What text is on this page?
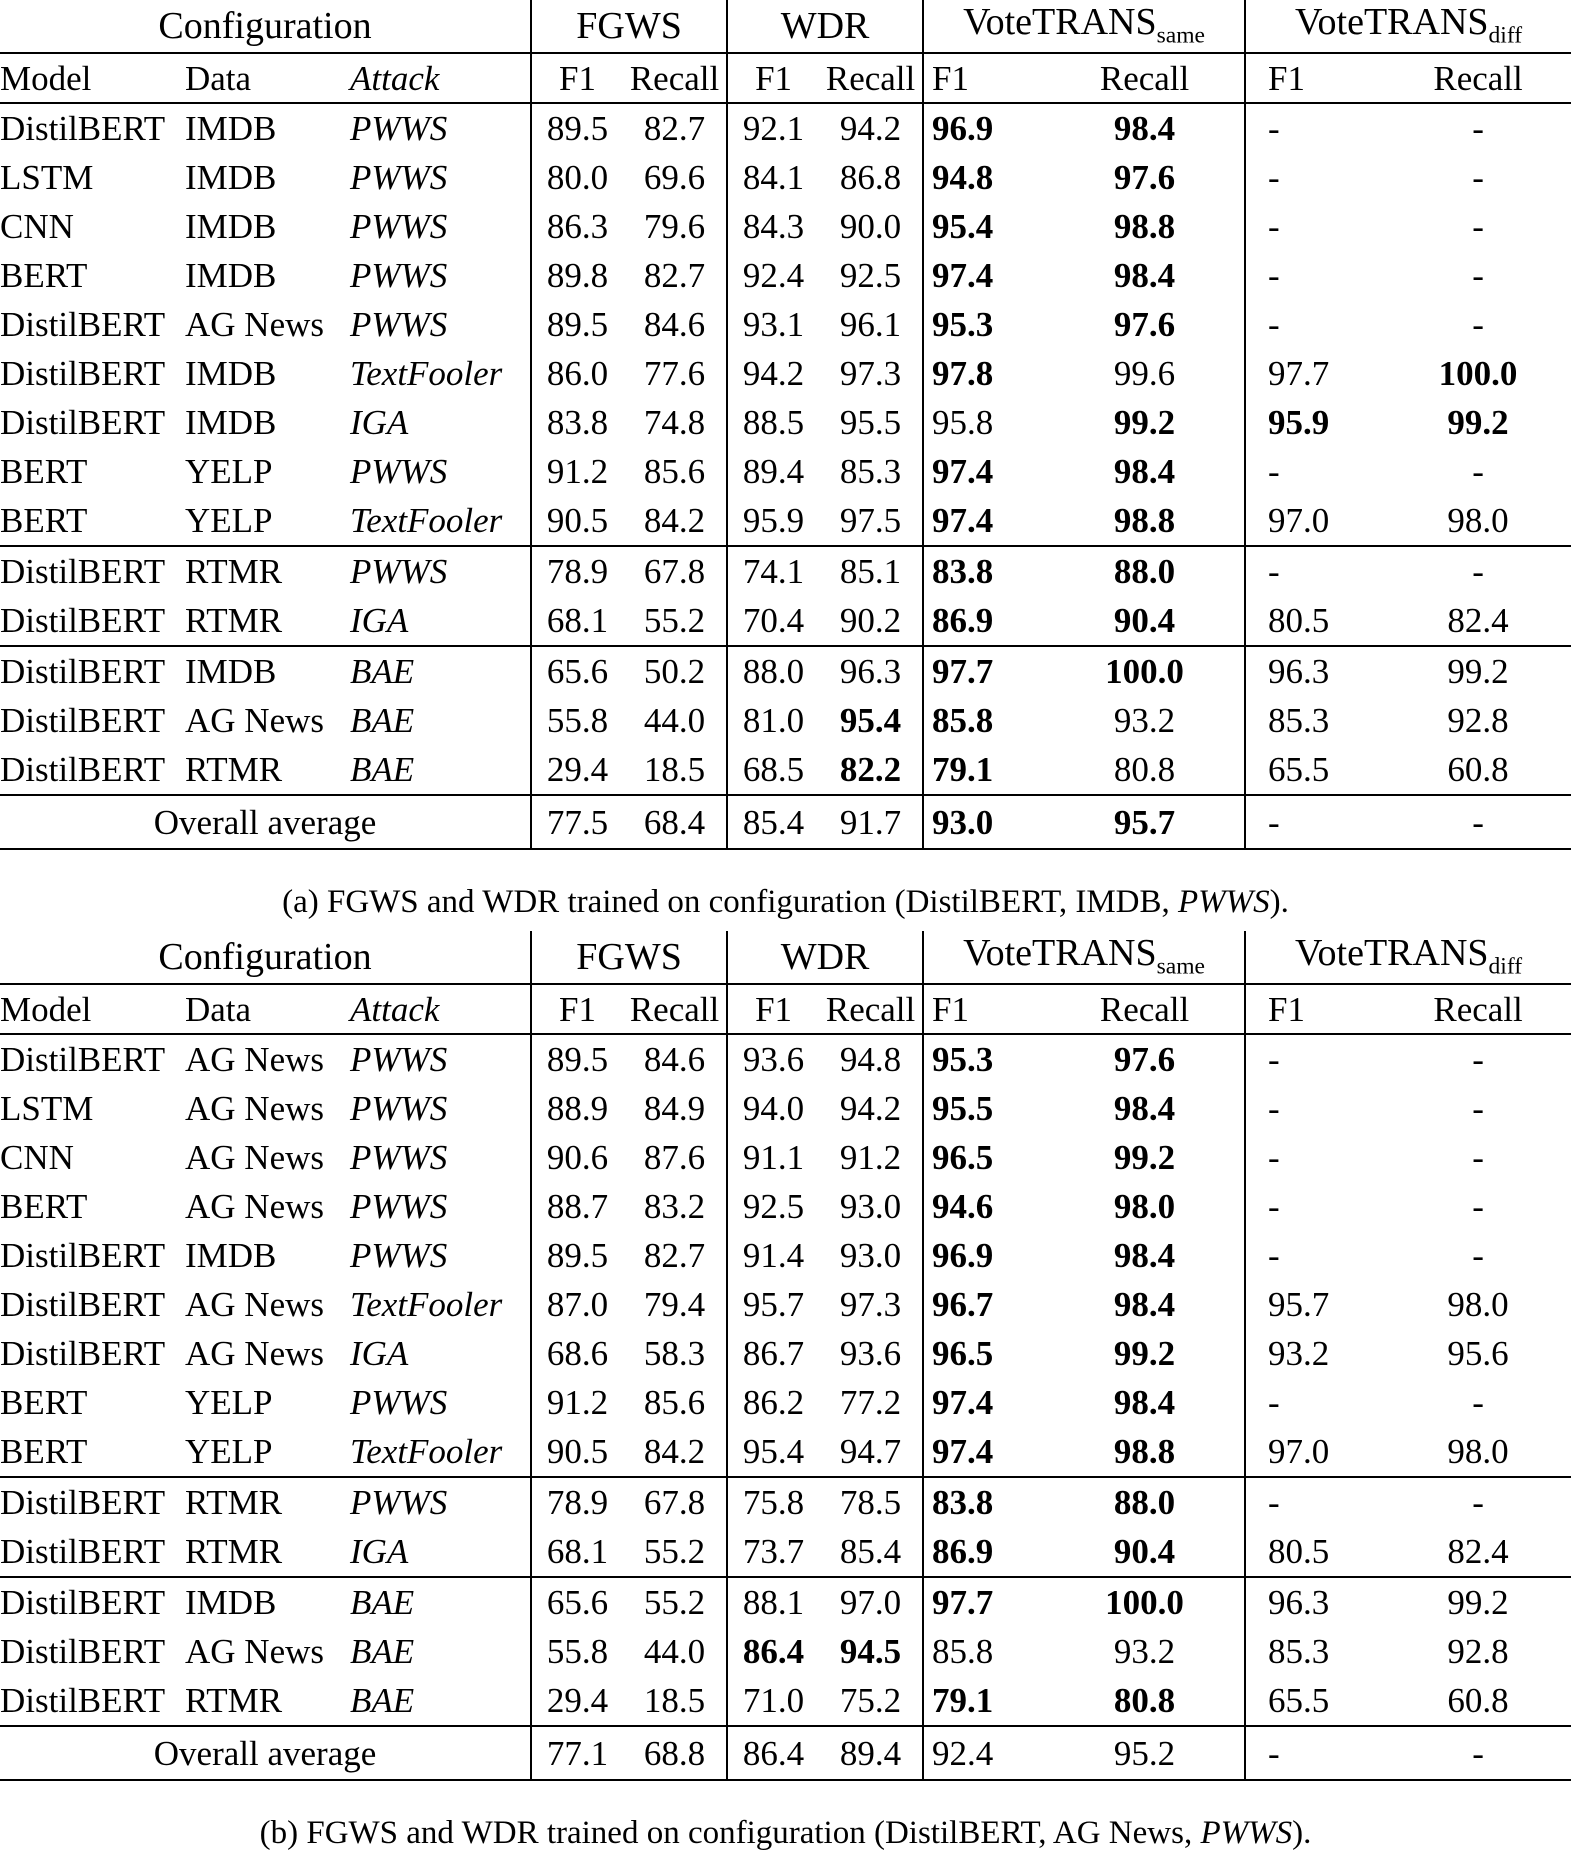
Configuration			FGWS		WDR		VoteTRANS$_{same}$		VoteTRANS$_{diff}$
Model	Data	Attack	F1	Recall	F1	Recall	F1	Recall	F1	Recall
DistilBERT	IMDB	PWWS	89.5	82.7	92.1	94.2	96.9	98.4	-	-
LSTM	IMDB	PWWS	80.0	69.6	84.1	86.8	94.8	97.6	-	-
CNN	IMDB	PWWS	86.3	79.6	84.3	90.0	95.4	98.8	-	-
BERT	IMDB	PWWS	89.8	82.7	92.4	92.5	97.4	98.4	-	-
DistilBERT	AG News	PWWS	89.5	84.6	93.1	96.1	95.3	97.6	-	-
DistilBERT	IMDB	TextFooler	86.0	77.6	94.2	97.3	97.8	99.6	97.7	100.0
DistilBERT	IMDB	IGA	83.8	74.8	88.5	95.5	95.8	99.2	95.9	99.2
BERT	YELP	PWWS	91.2	85.6	89.4	85.3	97.4	98.4	-	-
BERT	YELP	TextFooler	90.5	84.2	95.9	97.5	97.4	98.8	97.0	98.0
DistilBERT	RTMR	PWWS	78.9	67.8	74.1	85.1	83.8	88.0	-	-
DistilBERT	RTMR	IGA	68.1	55.2	70.4	90.2	86.9	90.4	80.5	82.4
DistilBERT	IMDB	BAE	65.6	50.2	88.0	96.3	97.7	100.0	96.3	99.2
DistilBERT	AG News	BAE	55.8	44.0	81.0	95.4	85.8	93.2	85.3	92.8
DistilBERT	RTMR	BAE	29.4	18.5	68.5	82.2	79.1	80.8	65.5	60.8
Overall average			77.5	68.4	85.4	91.7	93.0	95.7	-	-
(a) FGWS and WDR trained on configuration (DistilBERT, IMDB, PWWS).
Configuration			FGWS		WDR		VoteTRANS$_{same}$		VoteTRANS$_{diff}$
Model	Data	Attack	F1	Recall	F1	Recall	F1	Recall	F1	Recall
DistilBERT	AG News	PWWS	89.5	84.6	93.6	94.8	95.3	97.6	-	-
LSTM	AG News	PWWS	88.9	84.9	94.0	94.2	95.5	98.4	-	-
CNN	AG News	PWWS	90.6	87.6	91.1	91.2	96.5	99.2	-	-
BERT	AG News	PWWS	88.7	83.2	92.5	93.0	94.6	98.0	-	-
DistilBERT	IMDB	PWWS	89.5	82.7	91.4	93.0	96.9	98.4	-	-
DistilBERT	AG News	TextFooler	87.0	79.4	95.7	97.3	96.7	98.4	95.7	98.0
DistilBERT	AG News	IGA	68.6	58.3	86.7	93.6	96.5	99.2	93.2	95.6
BERT	YELP	PWWS	91.2	85.6	86.2	77.2	97.4	98.4	-	-
BERT	YELP	TextFooler	90.5	84.2	95.4	94.7	97.4	98.8	97.0	98.0
DistilBERT	RTMR	PWWS	78.9	67.8	75.8	78.5	83.8	88.0	-	-
DistilBERT	RTMR	IGA	68.1	55.2	73.7	85.4	86.9	90.4	80.5	82.4
DistilBERT	IMDB	BAE	65.6	55.2	88.1	97.0	97.7	100.0	96.3	99.2
DistilBERT	AG News	BAE	55.8	44.0	86.4	94.5	85.8	93.2	85.3	92.8
DistilBERT	RTMR	BAE	29.4	18.5	71.0	75.2	79.1	80.8	65.5	60.8
Overall average			77.1	68.8	86.4	89.4	92.4	95.2	-	-
(b) FGWS and WDR trained on configuration (DistilBERT, AG News, PWWS).
